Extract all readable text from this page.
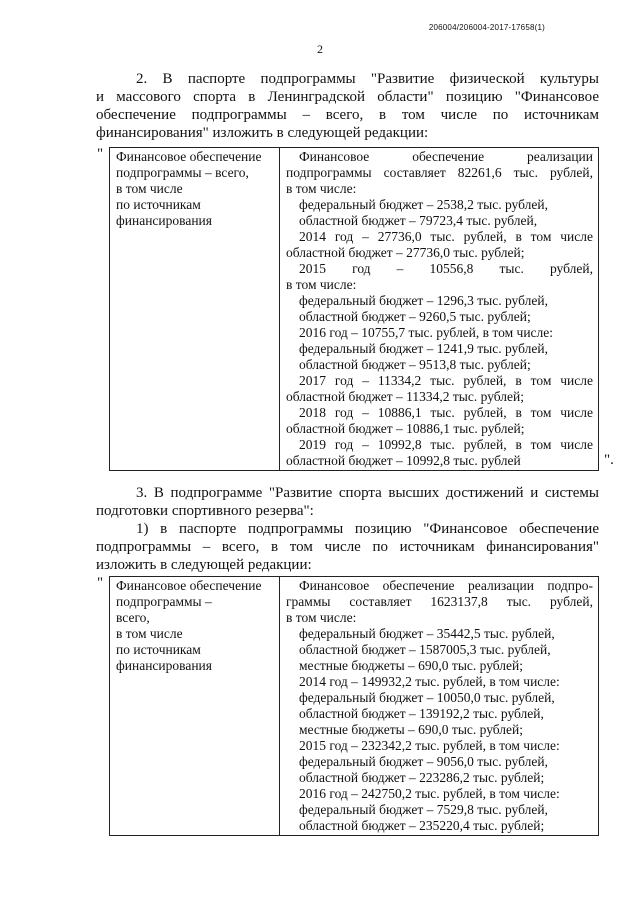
206004/206004-2017-17658(1)
2
2. В паспорте подпрограммы "Развитие физической культуры
и массового спорта в Ленинградской области" позицию "Финансовое
обеспечение подпрограммы – всего, в том числе по источникам
финансирования" изложить в следующей редакции:
" Финансовое обеспечение
подпрограммы – всего,
в том числе
по источникам
финансирования

Финансовое обеспечение реализации
подпрограммы составляет 82261,6 тыс. рублей,
в том числе:
федеральный бюджет – 2538,2 тыс. рублей,
областной бюджет – 79723,4 тыс. рублей,
2014 год – 27736,0 тыс. рублей, в том числе
областной бюджет – 27736,0 тыс. рублей;
2015 год – 10556,8 тыс. рублей,
в том числе:
федеральный бюджет – 1296,3 тыс. рублей,
областной бюджет – 9260,5 тыс. рублей;
2016 год – 10755,7 тыс. рублей, в том числе:
федеральный бюджет – 1241,9 тыс. рублей,
областной бюджет – 9513,8 тыс. рублей;
2017 год – 11334,2 тыс. рублей, в том числе
областной бюджет – 11334,2 тыс. рублей;
2018 год – 10886,1 тыс. рублей, в том числе
областной бюджет – 10886,1 тыс. рублей;
2019 год – 10992,8 тыс. рублей, в том числе
областной бюджет – 10992,8 тыс. рублей	".
3. В подпрограмме "Развитие спорта высших достижений и системы
подготовки спортивного резерва":
1) в паспорте подпрограммы позицию "Финансовое обеспечение
подпрограммы – всего, в том числе по источникам финансирования"
изложить в следующей редакции:
" Финансовое обеспечение
подпрограммы –
всего,
в том числе
по источникам
финансирования

Финансовое обеспечение реализации подпро-
граммы составляет 1623137,8 тыс. рублей,
в том числе:
федеральный бюджет – 35442,5 тыс. рублей,
областной бюджет – 1587005,3 тыс. рублей,
местные бюджеты – 690,0 тыс. рублей;
2014 год – 149932,2 тыс. рублей, в том числе:
федеральный бюджет – 10050,0 тыс. рублей,
областной бюджет – 139192,2 тыс. рублей,
местные бюджеты – 690,0 тыс. рублей;
2015 год – 232342,2 тыс. рублей, в том числе:
федеральный бюджет – 9056,0 тыс. рублей,
областной бюджет – 223286,2 тыс. рублей;
2016 год – 242750,2 тыс. рублей, в том числе:
федеральный бюджет – 7529,8 тыс. рублей,
областной бюджет – 235220,4 тыс. рублей;
